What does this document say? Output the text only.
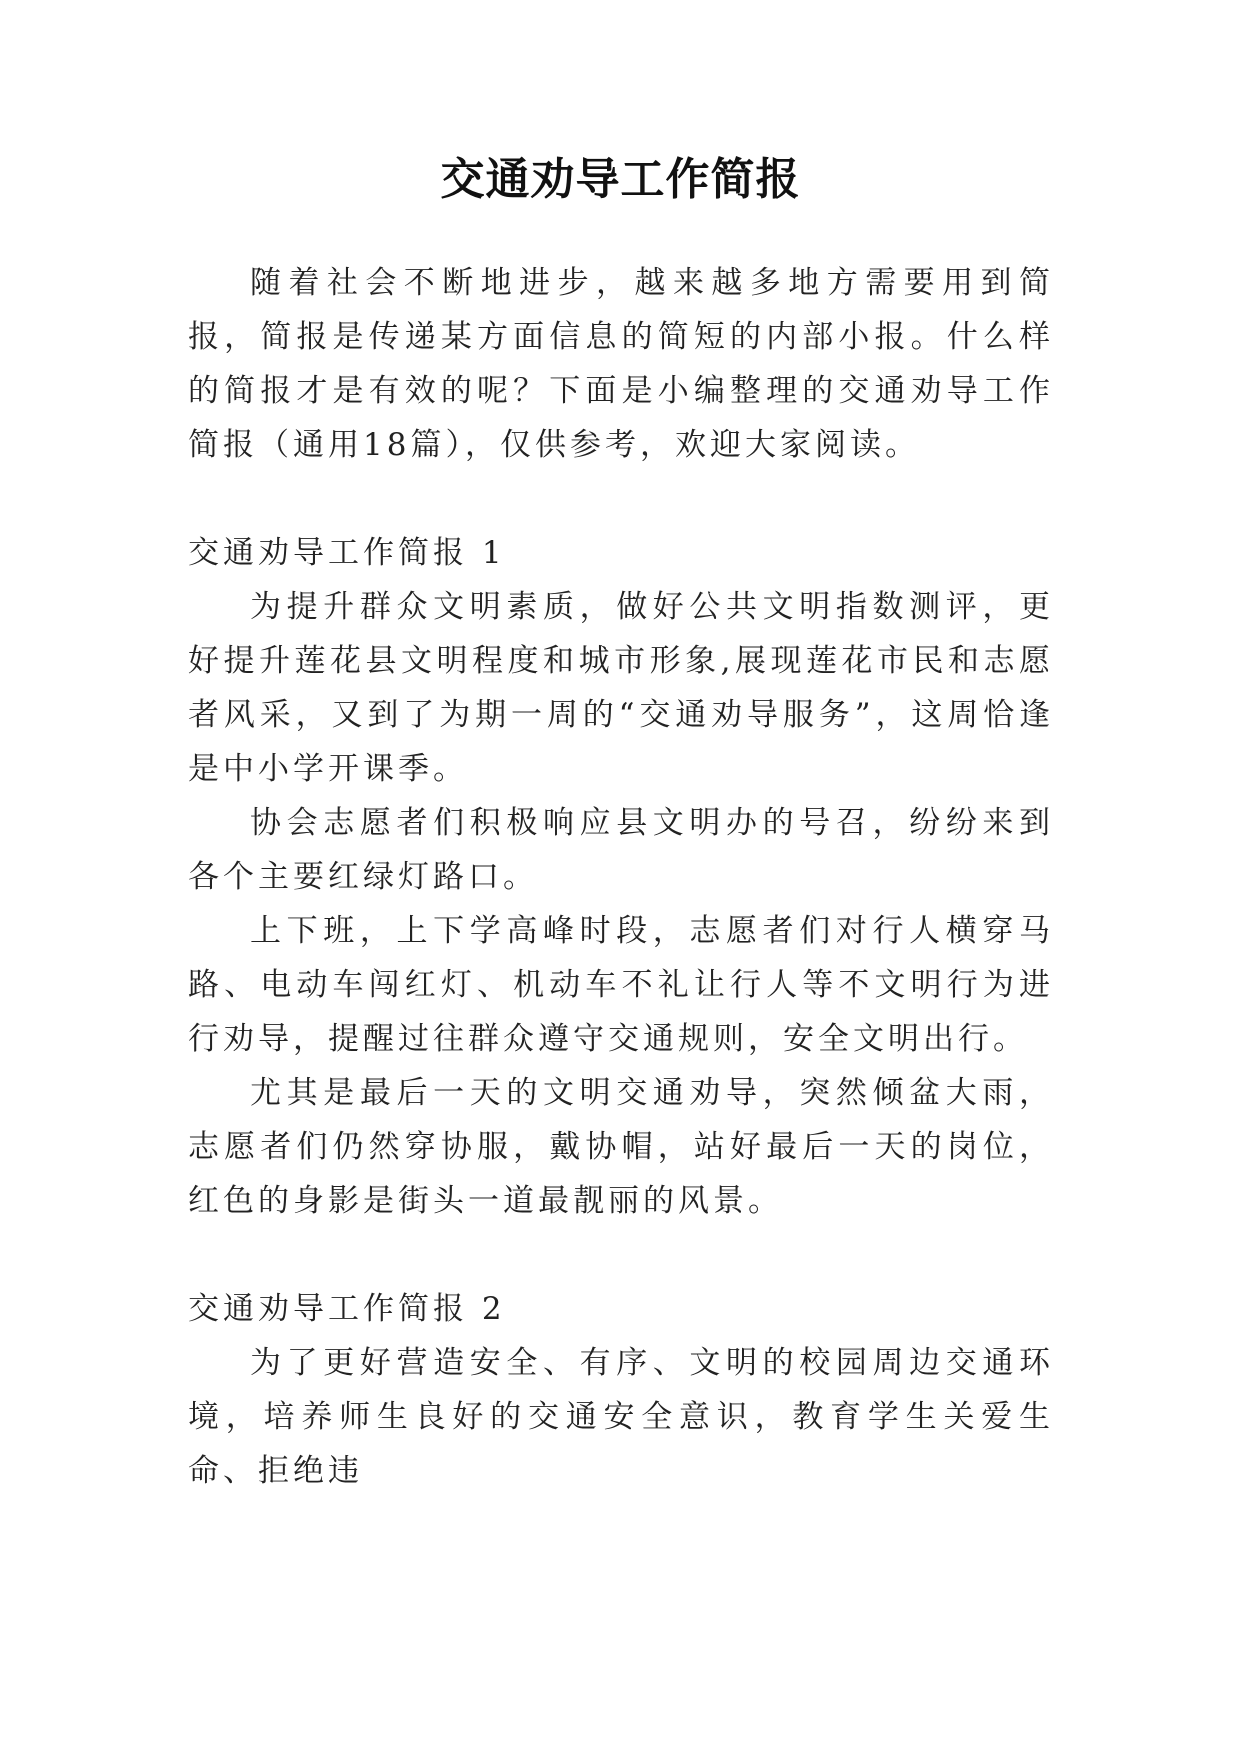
交通劝导工作简报

随着社会不断地进步，越来越多地方需要用到简报，简报是传递某方面信息的简短的内部小报。什么样的简报才是有效的呢？下面是小编整理的交通劝导工作简报（通用18篇），仅供参考，欢迎大家阅读。

交通劝导工作简报 1

为提升群众文明素质，做好公共文明指数测评，更好提升莲花县文明程度和城市形象,展现莲花市民和志愿者风采，又到了为期一周的“交通劝导服务”，这周恰逢是中小学开课季。

协会志愿者们积极响应县文明办的号召，纷纷来到各个主要红绿灯路口。

上下班，上下学高峰时段，志愿者们对行人横穿马路、电动车闯红灯、机动车不礼让行人等不文明行为进行劝导，提醒过往群众遵守交通规则，安全文明出行。

尤其是最后一天的文明交通劝导，突然倾盆大雨，志愿者们仍然穿协服，戴协帽，站好最后一天的岗位，红色的身影是街头一道最靓丽的风景。

交通劝导工作简报 2

为了更好营造安全、有序、文明的校园周边交通环境，培养师生良好的交通安全意识，教育学生关爱生命、拒绝违
